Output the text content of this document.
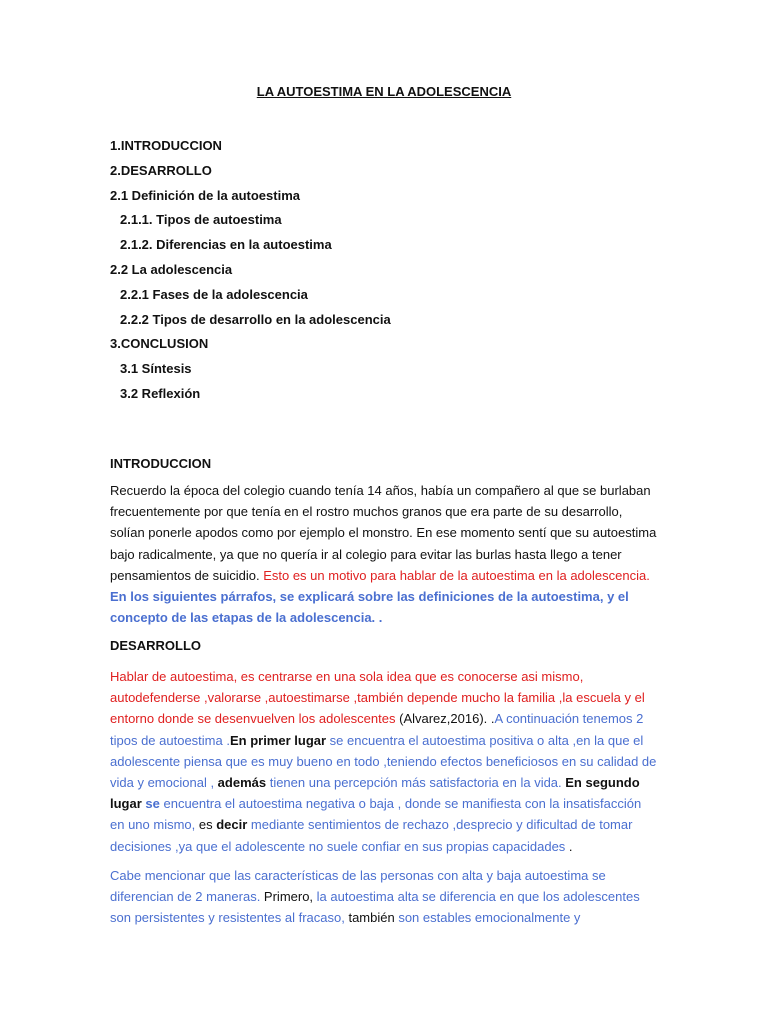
LA AUTOESTIMA EN LA ADOLESCENCIA
1.INTRODUCCION
2.DESARROLLO
2.1 Definición de la autoestima
2.1.1. Tipos de autoestima
2.1.2. Diferencias en la autoestima
2.2 La adolescencia
2.2.1 Fases de la adolescencia
2.2.2 Tipos de desarrollo en la adolescencia
3.CONCLUSION
3.1 Síntesis
3.2 Reflexión
INTRODUCCION

Recuerdo la época del colegio cuando tenía 14 años, había un compañero al que se burlaban frecuentemente por que tenía en el rostro muchos granos que era parte de su desarrollo, solían ponerle apodos como por ejemplo el monstro. En ese momento sentí que su autoestima bajo radicalmente, ya que no quería ir al colegio para evitar las burlas hasta llego a tener pensamientos de suicidio. Esto es un motivo para hablar de la autoestima en la adolescencia. En los siguientes párrafos, se explicará sobre las definiciones de la autoestima, y el concepto de las etapas de la adolescencia. .

DESARROLLO

Hablar de autoestima, es centrarse en una sola idea que es conocerse asi mismo, autodefenderse ,valorarse ,autoestimarse ,también depende mucho la familia ,la escuela y el entorno donde se desenvuelven los adolescentes (Alvarez,2016). .A continuación tenemos 2 tipos de autoestima .En primer lugar se encuentra el autoestima positiva o alta ,en la que el adolescente piensa que es muy bueno en todo ,teniendo efectos beneficiosos en su calidad de vida y emocional , además tienen una percepción más satisfactoria en la vida. En segundo lugar se encuentra el autoestima negativa o baja , donde se manifiesta con la insatisfacción en uno mismo, es decir mediante sentimientos de rechazo ,desprecio y dificultad de tomar decisiones ,ya que el adolescente no suele confiar en sus propias capacidades .

Cabe mencionar que las características de las personas con alta y baja autoestima se diferencian de 2 maneras. Primero, la autoestima alta se diferencia en que los adolescentes son persistentes y resistentes al fracaso, también son estables emocionalmente y
